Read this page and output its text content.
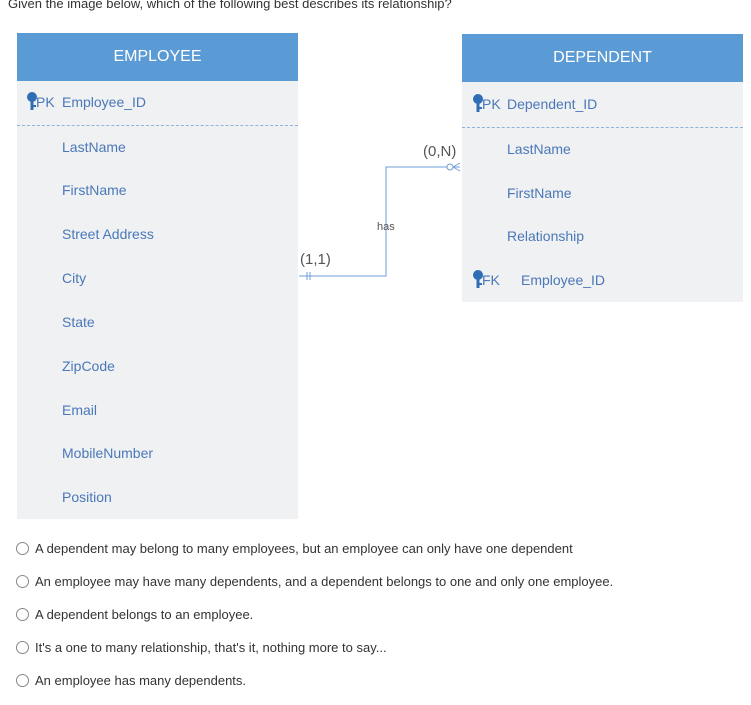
Given the image below, which of the following best describes its relationship?
EMPLOYEE
PK Employee_ID
LastName
FirstName
Street Address
City
State
ZipCode
Email
MobileNumber
Position
DEPENDENT
PK Dependent_ID
LastName
FirstName
Relationship
FK Employee_ID
(1,1)
(0,N)
has
A dependent may belong to many employees, but an employee can only have one dependent
An employee may have many dependents, and a dependent belongs to one and only one employee.
A dependent belongs to an employee.
It's a one to many relationship, that's it, nothing more to say...
An employee has many dependents.
